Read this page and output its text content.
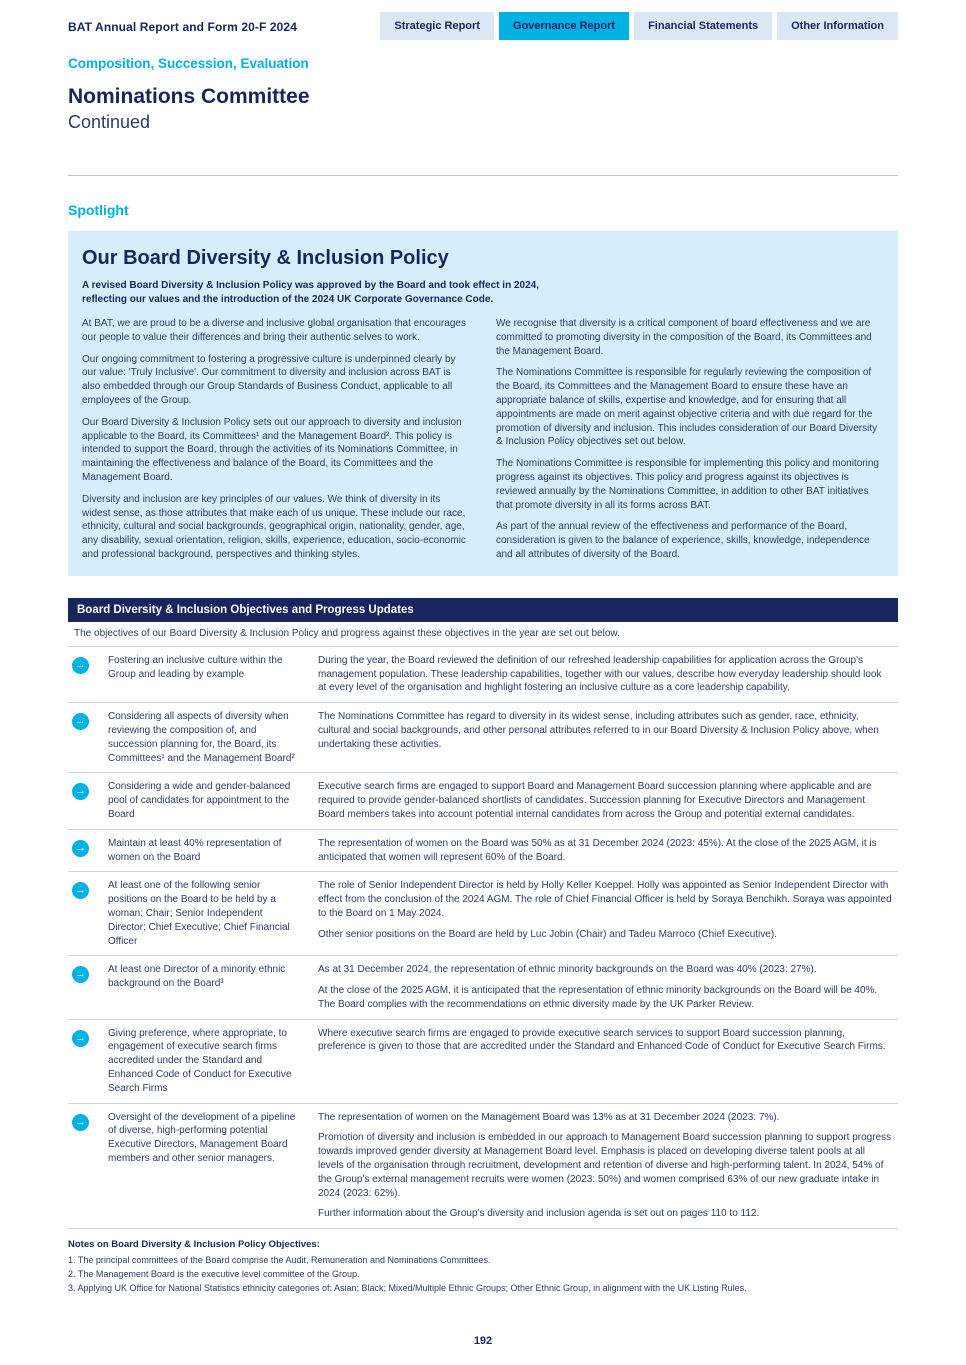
BAT Annual Report and Form 20-F 2024	Strategic Report	Governance Report	Financial Statements	Other Information
Composition, Succession, Evaluation
Nominations Committee
Continued
Spotlight
Our Board Diversity & Inclusion Policy
A revised Board Diversity & Inclusion Policy was approved by the Board and took effect in 2024, reflecting our values and the introduction of the 2024 UK Corporate Governance Code.

At BAT, we are proud to be a diverse and inclusive global organisation that encourages our people to value their differences and bring their authentic selves to work.

Our ongoing commitment to fostering a progressive culture is underpinned clearly by our value: 'Truly Inclusive'. Our commitment to diversity and inclusion across BAT is also embedded through our Group Standards of Business Conduct, applicable to all employees of the Group.

Our Board Diversity & Inclusion Policy sets out our approach to diversity and inclusion applicable to the Board, its Committees¹ and the Management Board². This policy is intended to support the Board, through the activities of its Nominations Committee, in maintaining the effectiveness and balance of the Board, its Committees and the Management Board.

Diversity and inclusion are key principles of our values. We think of diversity in its widest sense, as those attributes that make each of us unique. These include our race, ethnicity, cultural and social backgrounds, geographical origin, nationality, gender, age, any disability, sexual orientation, religion, skills, experience, education, socio-economic and professional background, perspectives and thinking styles.

We recognise that diversity is a critical component of board effectiveness and we are committed to promoting diversity in the composition of the Board, its Committees and the Management Board.

The Nominations Committee is responsible for regularly reviewing the composition of the Board, its Committees and the Management Board to ensure these have an appropriate balance of skills, expertise and knowledge, and for ensuring that all appointments are made on merit against objective criteria and with due regard for the promotion of diversity and inclusion. This includes consideration of our Board Diversity & Inclusion Policy objectives set out below.

The Nominations Committee is responsible for implementing this policy and monitoring progress against its objectives. This policy and progress against its objectives is reviewed annually by the Nominations Committee, in addition to other BAT initiatives that promote diversity in all its forms across BAT.

As part of the annual review of the effectiveness and performance of the Board, consideration is given to the balance of experience, skills, knowledge, independence and all attributes of diversity of the Board.

Board Diversity & Inclusion Objectives and Progress Updates
The objectives of our Board Diversity & Inclusion Policy and progress against these objectives in the year are set out below.
→	Fostering an inclusive culture within the Group and leading by example

During the year, the Board reviewed the definition of our refreshed leadership capabilities for application across the Group's management population. These leadership capabilities, together with our values, describe how everyday leadership should look at every level of the organisation and highlight fostering an inclusive culture as a core leadership capability,

→	Considering all aspects of diversity when reviewing the composition of, and succession planning for, the Board, its Committees¹ and the Management Board²

The Nominations Committee has regard to diversity in its widest sense, including attributes such as gender, race, ethnicity, cultural and social backgrounds, and other personal attributes referred to in our Board Diversity & Inclusion Policy above, when undertaking these activities.

→	Considering a wide and gender-balanced pool of candidates for appointment to the Board

Executive search firms are engaged to support Board and Management Board succession planning where applicable and are required to provide gender-balanced shortlists of candidates. Succession planning for Executive Directors and Management Board members takes into account potential internal candidates from across the Group and potential external candidates.

→	Maintain at least 40% representation of women on the Board

The representation of women on the Board was 50% as at 31 December 2024 (2023: 45%). At the close of the 2025 AGM, it is anticipated that women will represent 60% of the Board.

→	At least one of the following senior positions on the Board to be held by a woman: Chair; Senior Independent Director; Chief Executive; Chief Financial Officer

The role of Senior Independent Director is held by Holly Keller Koeppel. Holly was appointed as Senior Independent Director with effect from the conclusion of the 2024 AGM. The role of Chief Financial Officer is held by Soraya Benchikh. Soraya was appointed to the Board on 1 May 2024.

Other senior positions on the Board are held by Luc Jobin (Chair) and Tadeu Marroco (Chief Executive).

→	At least one Director of a minority ethnic background on the Board³

As at 31 December 2024, the representation of ethnic minority backgrounds on the Board was 40% (2023: 27%).

At the close of the 2025 AGM, it is anticipated that the representation of ethnic minority backgrounds on the Board will be 40%. The Board complies with the recommendations on ethnic diversity made by the UK Parker Review.

→	Giving preference, where appropriate, to engagement of executive search firms accredited under the Standard and Enhanced Code of Conduct for Executive Search Firms

Where executive search firms are engaged to provide executive search services to support Board succession planning, preference is given to those that are accredited under the Standard and Enhanced Code of Conduct for Executive Search Firms.

→	Oversight of the development of a pipeline of diverse, high-performing potential Executive Directors, Management Board members and other senior managers.

The representation of women on the Management Board was 13% as at 31 December 2024 (2023: 7%).

Promotion of diversity and inclusion is embedded in our approach to Management Board succession planning to support progress towards improved gender diversity at Management Board level. Emphasis is placed on developing diverse talent pools at all levels of the organisation through recruitment, development and retention of diverse and high-performing talent. In 2024, 54% of the Group's external management recruits were women (2023: 50%) and women comprised 63% of our new graduate intake in 2024 (2023: 62%).

Further information about the Group's diversity and inclusion agenda is set out on pages 110 to 112.

Notes on Board Diversity & Inclusion Policy Objectives:
1. The principal committees of the Board comprise the Audit, Remuneration and Nominations Committees.
2. The Management Board is the executive level committee of the Group.
3. Applying UK Office for National Statistics ethnicity categories of: Asian; Black; Mixed/Multiple Ethnic Groups; Other Ethnic Group, in alignment with the UK Listing Rules.
192
